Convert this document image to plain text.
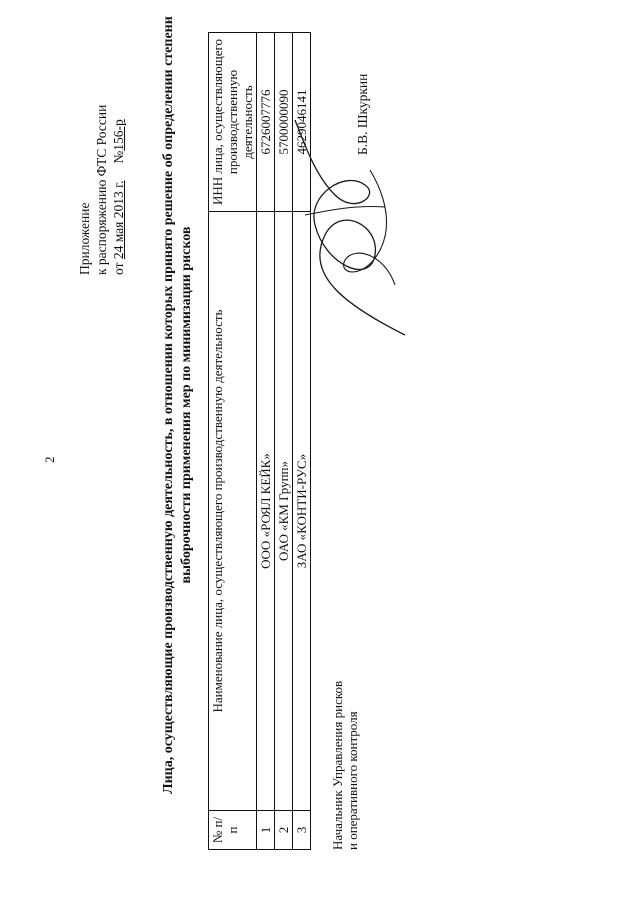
2
Приложение к распоряжению ФТС России от 24 мая 2013 г.     №156-р	Лица, осуществляющие производственную деятельность, в отношении которых принято решение об определении степени выборочности применения мер по минимизации рисков
№ п/п	Наименование лица, осуществляющего производственную деятельность	ИНН лица, осуществляющего производственную деятельность
1	ООО «РОЯЛ КЕЙК»	6726007776
2	ОАО «КМ Групп»	5700000090
3	ЗАО «КОНТИ-РУС»	4629046141
Начальник Управления рисков и оперативного контроля
Б.В. Шкуркин
